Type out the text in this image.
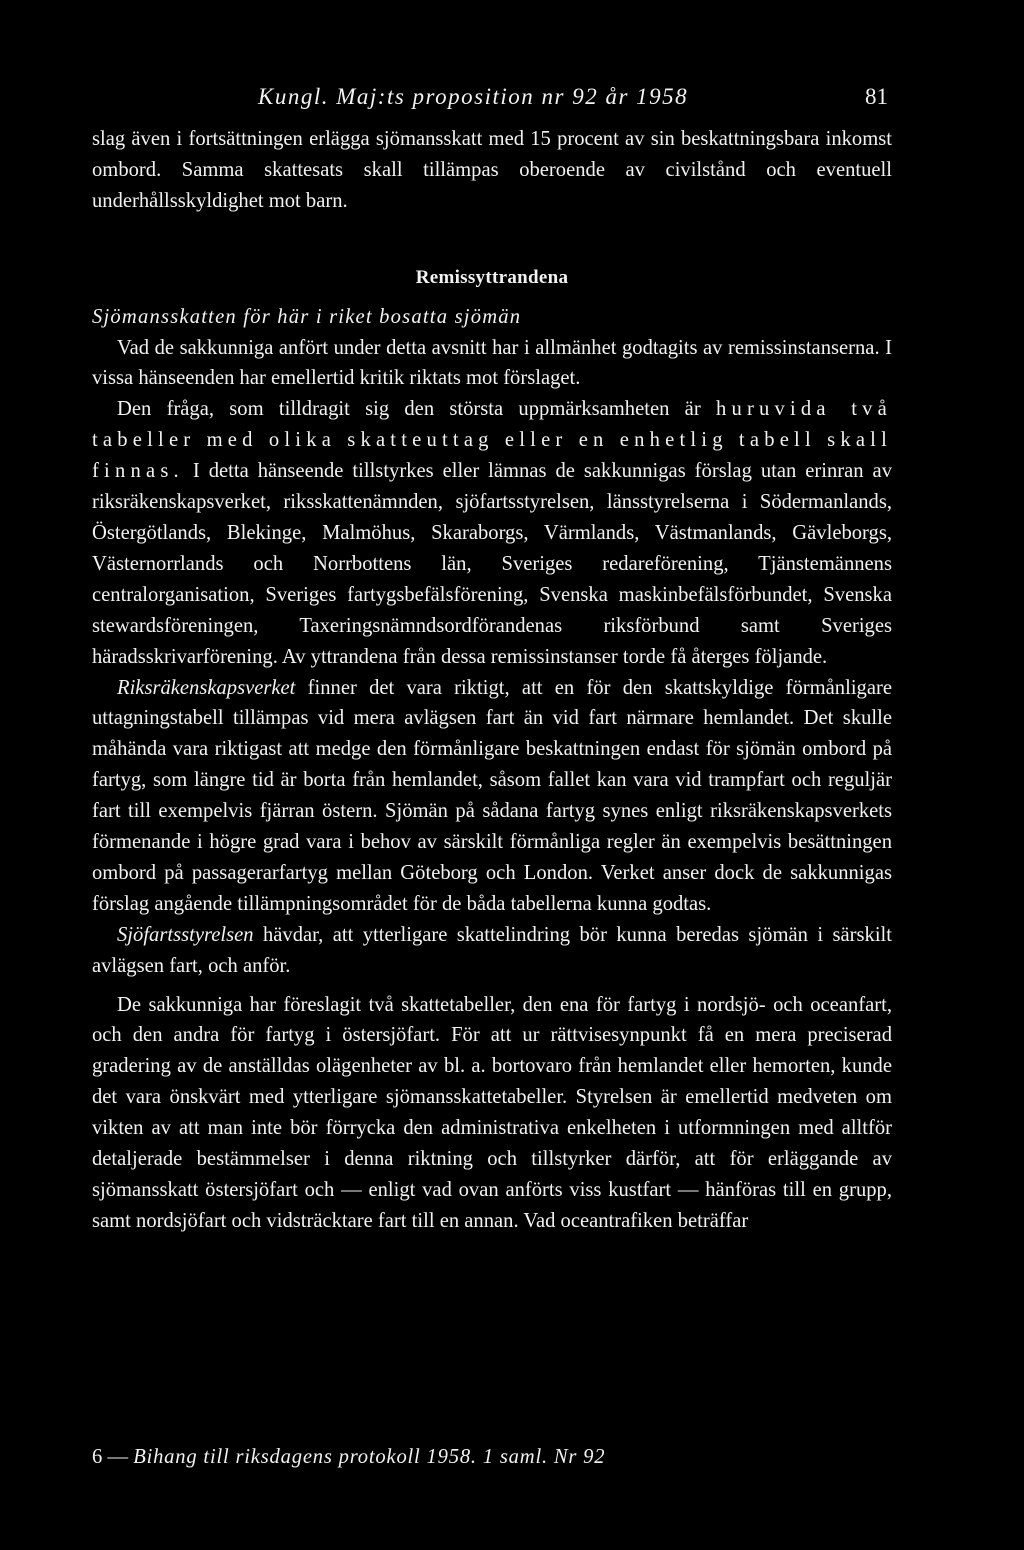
Kungl. Maj:ts proposition nr 92 år 1958	81

slag även i fortsättningen erlägga sjömansskatt med 15 procent av sin beskattningsbara inkomst ombord. Samma skattesats skall tillämpas oberoende av civilstånd och eventuell underhållsskyldighet mot barn.

Remissyttrandena

Sjömansskatten för här i riket bosatta sjömän

Vad de sakkunniga anfört under detta avsnitt har i allmänhet godtagits av remissinstanserna. I vissa hänseenden har emellertid kritik riktats mot förslaget.

Den fråga, som tilldragit sig den största uppmärksamheten är huruvida två tabeller med olika skatteuttag eller en enhetlig tabell skall finnas. I detta hänseende tillstyrkes eller lämnas de sakkunnigas förslag utan erinran av riksräkenskapsverket, riksskattenämnden, sjöfartsstyrelsen, länsstyrelserna i Södermanlands, Östergötlands, Blekinge, Malmöhus, Skaraborgs, Värmlands, Västmanlands, Gävleborgs, Västernorrlands och Norrbottens län, Sveriges redareförening, Tjänstemännens centralorganisation, Sveriges fartygsbefälsförening, Svenska maskinbefälsförbundet, Svenska stewardsföreningen, Taxeringsnämndsordförandenas riksförbund samt Sveriges häradsskrivarförening. Av yttrandena från dessa remissinstanser torde få återges följande.

Riksräkenskapsverket finner det vara riktigt, att en för den skattskyldige förmånligare uttagningstabell tillämpas vid mera avlägsen fart än vid fart närmare hemlandet. Det skulle måhända vara riktigast att medge den förmånligare beskattningen endast för sjömän ombord på fartyg, som längre tid är borta från hemlandet, såsom fallet kan vara vid trampfart och reguljär fart till exempelvis fjärran östern. Sjömän på sådana fartyg synes enligt riksräkenskapsverkets förmenande i högre grad vara i behov av särskilt förmånliga regler än exempelvis besättningen ombord på passagerarfartyg mellan Göteborg och London. Verket anser dock de sakkunnigas förslag angående tillämpningsområdet för de båda tabellerna kunna godtas.

Sjöfartsstyrelsen hävdar, att ytterligare skattelindring bör kunna beredas sjömän i särskilt avlägsen fart, och anför.

De sakkunniga har föreslagit två skattetabeller, den ena för fartyg i nordsjö- och oceanfart, och den andra för fartyg i östersjöfart. För att ur rättvisesynpunkt få en mera preciserad gradering av de anställdas olägenheter av bl. a. bortovaro från hemlandet eller hemorten, kunde det vara önskvärt med ytterligare sjömansskattetabeller. Styrelsen är emellertid medveten om vikten av att man inte bör förrycka den administrativa enkelheten i utformningen med alltför detaljerade bestämmelser i denna riktning och tillstyrker därför, att för erläggande av sjömansskatt östersjöfart och — enligt vad ovan anförts viss kustfart — hänföras till en grupp, samt nordsjöfart och vidsträcktare fart till en annan. Vad oceantrafiken beträffar

6 — Bihang till riksdagens protokoll 1958. 1 saml. Nr 92
